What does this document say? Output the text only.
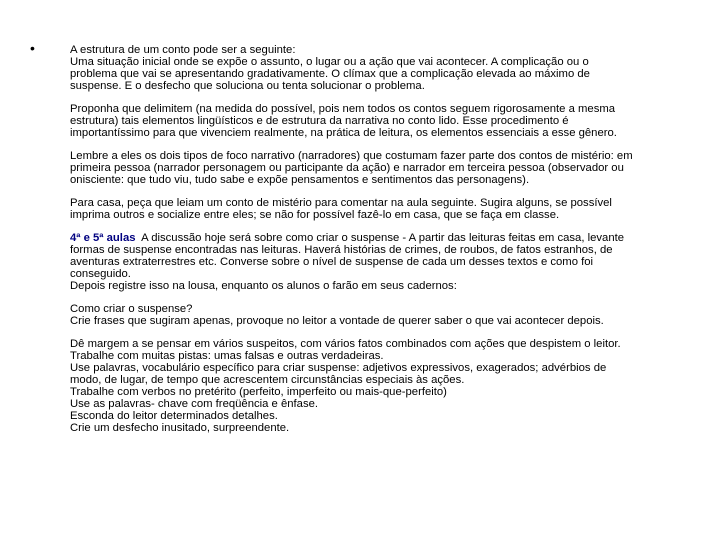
•	A estrutura de um conto pode ser a seguinte:
Uma situação inicial onde se expõe o assunto, o lugar ou a ação que vai acontecer. A complicação ou o
problema que vai se apresentando gradativamente. O clímax que a complicação elevada ao máximo de
suspense. E o desfecho que soluciona ou tenta solucionar o problema.
Proponha que delimitem (na medida do possível, pois nem todos os contos seguem rigorosamente a mesma
estrutura) tais elementos lingüísticos e de estrutura da narrativa no conto lido. Esse procedimento é
importantíssimo para que vivenciem realmente, na prática de leitura, os elementos essenciais a esse gênero.
Lembre a eles os dois tipos de foco narrativo (narradores) que costumam fazer parte dos contos de mistério: em
primeira pessoa (narrador personagem ou participante da ação) e narrador em terceira pessoa (observador ou
onisciente: que tudo viu, tudo sabe e expõe pensamentos e sentimentos das personagens).
Para casa, peça que leiam um conto de mistério para comentar na aula seguinte. Sugira alguns, se possível
imprima outros e socialize entre eles; se não for possível fazê-lo em casa, que se faça em classe.
4ª e 5ª aulas A discussão hoje será sobre como criar o suspense - A partir das leituras feitas em casa, levante
formas de suspense encontradas nas leituras. Haverá histórias de crimes, de roubos, de fatos estranhos, de
aventuras extraterrestres etc. Converse sobre o nível de suspense de cada um desses textos e como foi
conseguido.
Depois registre isso na lousa, enquanto os alunos o farão em seus cadernos:
Como criar o suspense?
Crie frases que sugiram apenas, provoque no leitor a vontade de querer saber o que vai acontecer depois.
Dê margem a se pensar em vários suspeitos, com vários fatos combinados com ações que despistem o leitor.
Trabalhe com muitas pistas: umas falsas e outras verdadeiras.
Use palavras, vocabulário específico para criar suspense: adjetivos expressivos, exagerados; advérbios de
modo, de lugar, de tempo que acrescentem circunstâncias especiais às ações.
Trabalhe com verbos no pretérito (perfeito, imperfeito ou mais-que-perfeito)
Use as palavras- chave com freqüência e ênfase.
Esconda do leitor determinados detalhes.
Crie um desfecho inusitado, surpreendente.
